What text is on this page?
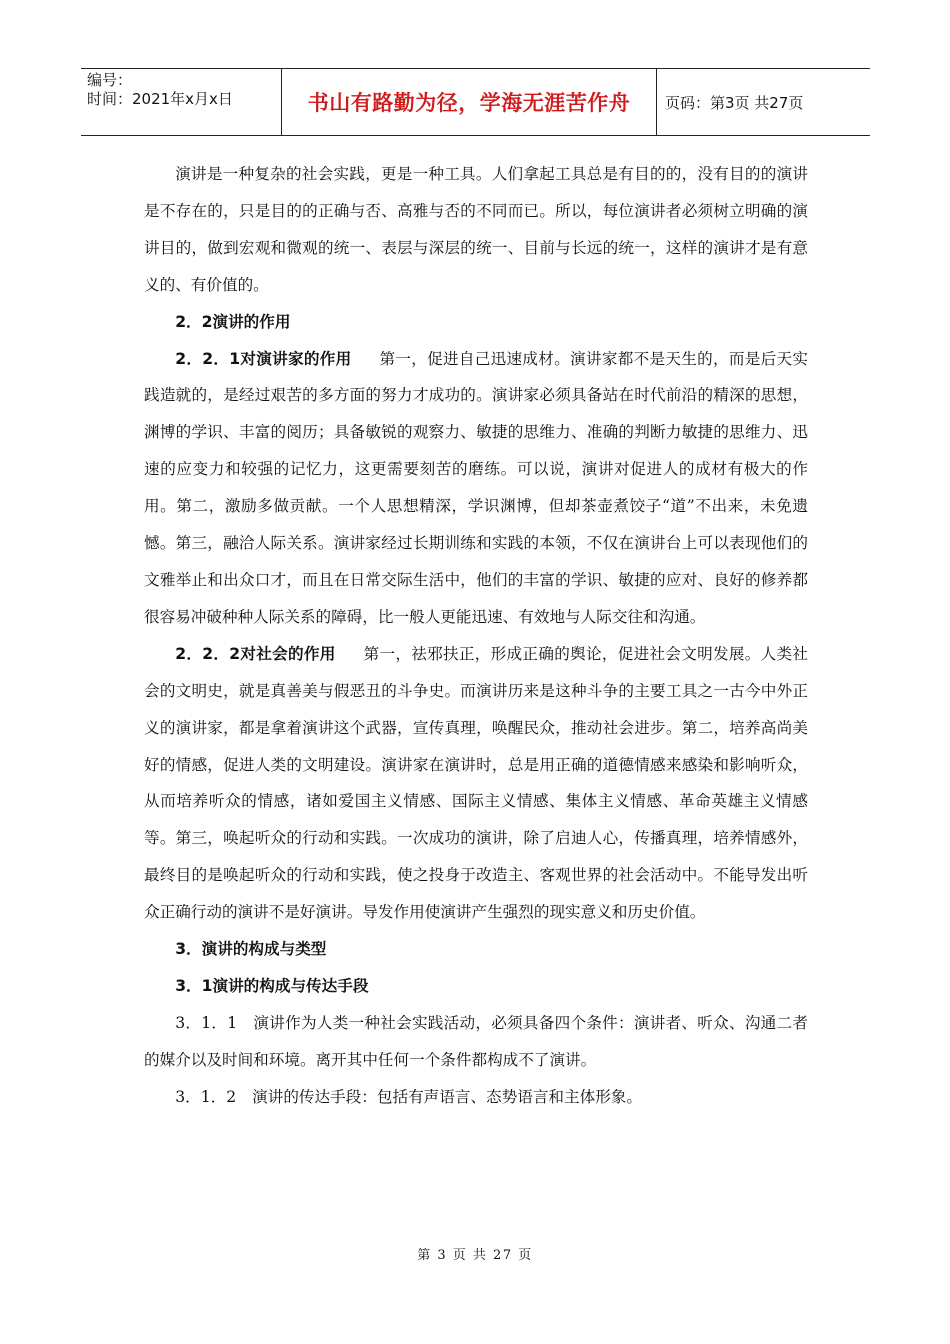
编号：
时间：2021年x月x日	书山有路勤为径，学海无涯苦作舟	页码：第3页 共27页

演讲是一种复杂的社会实践，更是一种工具。人们拿起工具总是有目的的，没有目的的演讲是不存在的，只是目的的正确与否、高雅与否的不同而已。所以，每位演讲者必须树立明确的演讲目的，做到宏观和微观的统一、表层与深层的统一、目前与长远的统一，这样的演讲才是有意义的、有价值的。

2．2演讲的作用

2．2．1对演讲家的作用 第一，促进自己迅速成材。演讲家都不是天生的，而是后天实践造就的，是经过艰苦的多方面的努力才成功的。演讲家必须具备站在时代前沿的精深的思想，渊博的学识、丰富的阅历；具备敏锐的观察力、敏捷的思维力、准确的判断力敏捷的思维力、迅速的应变力和较强的记忆力，这更需要刻苦的磨练。可以说，演讲对促进人的成材有极大的作用。第二，激励多做贡献。一个人思想精深，学识渊博，但却茶壶煮饺子“道”不出来，未免遗憾。第三，融洽人际关系。演讲家经过长期训练和实践的本领，不仅在演讲台上可以表现他们的文雅举止和出众口才，而且在日常交际生活中，他们的丰富的学识、敏捷的应对、良好的修养都很容易冲破种种人际关系的障碍，比一般人更能迅速、有效地与人际交往和沟通。

2．2．2对社会的作用 第一，祛邪扶正，形成正确的舆论，促进社会文明发展。人类社会的文明史，就是真善美与假恶丑的斗争史。而演讲历来是这种斗争的主要工具之一古今中外正义的演讲家，都是拿着演讲这个武器，宣传真理，唤醒民众，推动社会进步。第二，培养高尚美好的情感，促进人类的文明建设。演讲家在演讲时，总是用正确的道德情感来感染和影响听众，从而培养听众的情感，诸如爱国主义情感、国际主义情感、集体主义情感、革命英雄主义情感等。第三，唤起听众的行动和实践。一次成功的演讲，除了启迪人心，传播真理，培养情感外，最终目的是唤起听众的行动和实践，使之投身于改造主、客观世界的社会活动中。不能导发出听众正确行动的演讲不是好演讲。导发作用使演讲产生强烈的现实意义和历史价值。

3．演讲的构成与类型
3．1演讲的构成与传达手段

3．1．1 演讲作为人类一种社会实践活动，必须具备四个条件：演讲者、听众、沟通二者的媒介以及时间和环境。离开其中任何一个条件都构成不了演讲。

3．1．2 演讲的传达手段：包括有声语言、态势语言和主体形象。

第 3 页 共 27 页
